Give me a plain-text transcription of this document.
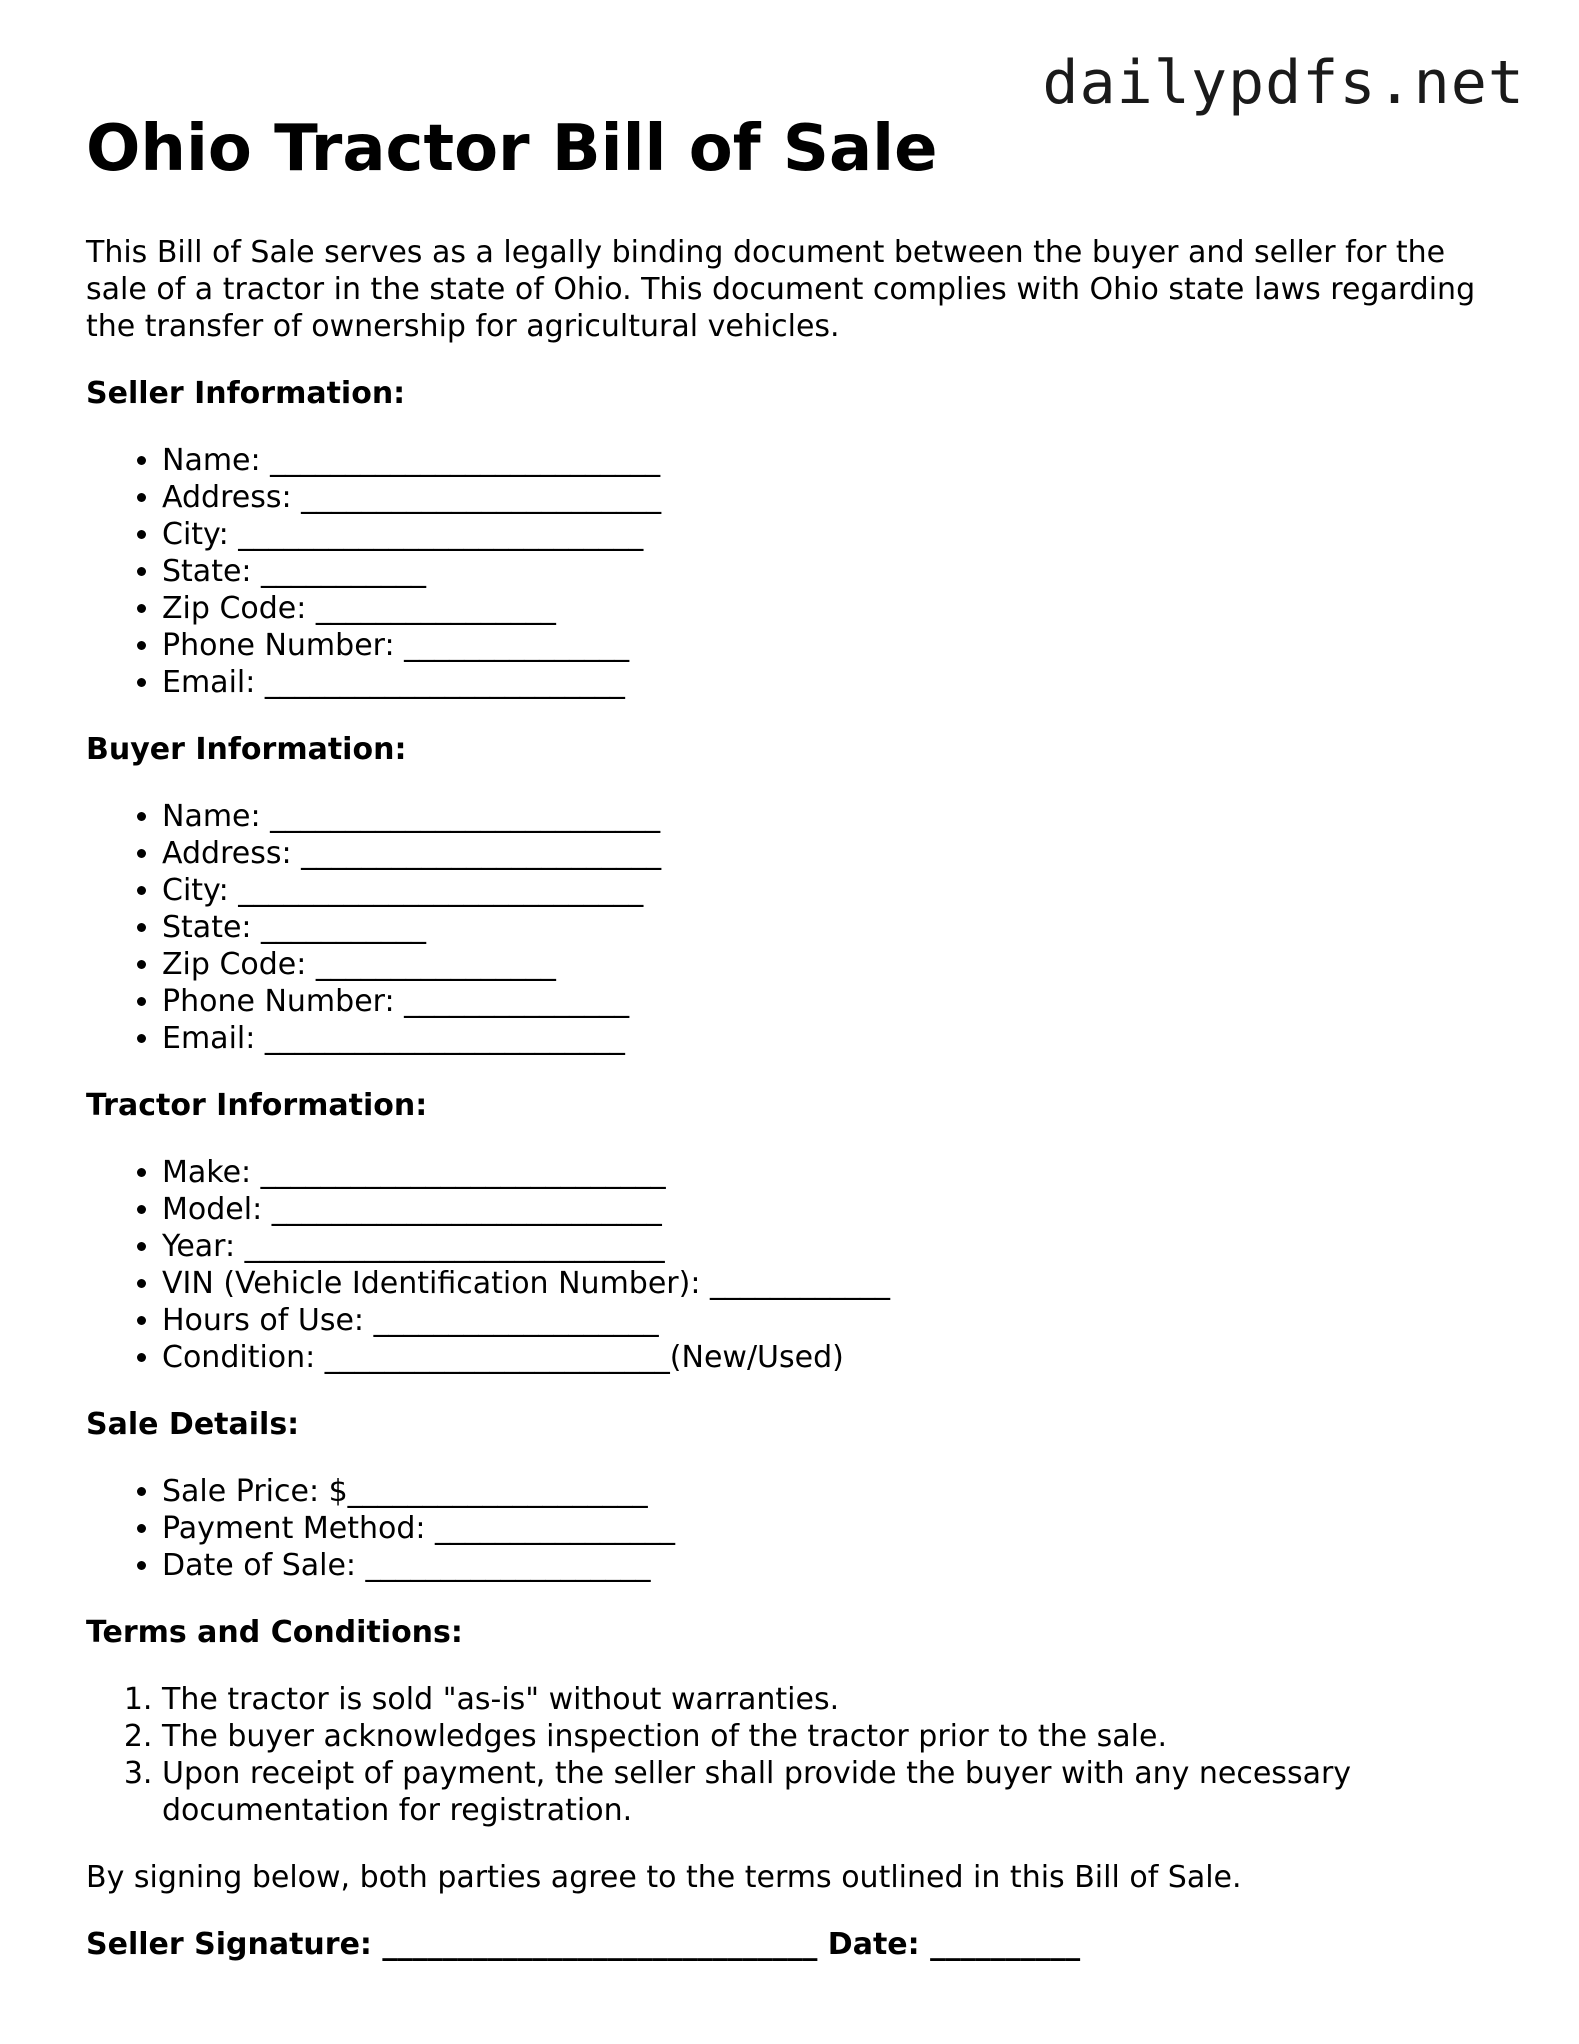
dailypdfs.net
Ohio Tractor Bill of Sale

This Bill of Sale serves as a legally binding document between the buyer and seller for the sale of a tractor in the state of Ohio. This document complies with Ohio state laws regarding the transfer of ownership for agricultural vehicles.

Seller Information:

• Name: __________________________
• Address: ________________________
• City: ___________________________
• State: ___________
• Zip Code: ________________
• Phone Number: _______________
• Email: ________________________

Buyer Information:

• Name: __________________________
• Address: ________________________
• City: ___________________________
• State: ___________
• Zip Code: ________________
• Phone Number: _______________
• Email: ________________________

Tractor Information:

• Make: ___________________________
• Model: __________________________
• Year: ____________________________
• VIN (Vehicle Identification Number): ____________
• Hours of Use: ___________________
• Condition: _______________________(New/Used)

Sale Details:

• Sale Price: $____________________
• Payment Method: ________________
• Date of Sale: ___________________

Terms and Conditions:

1. The tractor is sold "as-is" without warranties.
2. The buyer acknowledges inspection of the tractor prior to the sale.
3. Upon receipt of payment, the seller shall provide the buyer with any necessary documentation for registration.

By signing below, both parties agree to the terms outlined in this Bill of Sale.

Seller Signature: _____________________________ Date: __________
